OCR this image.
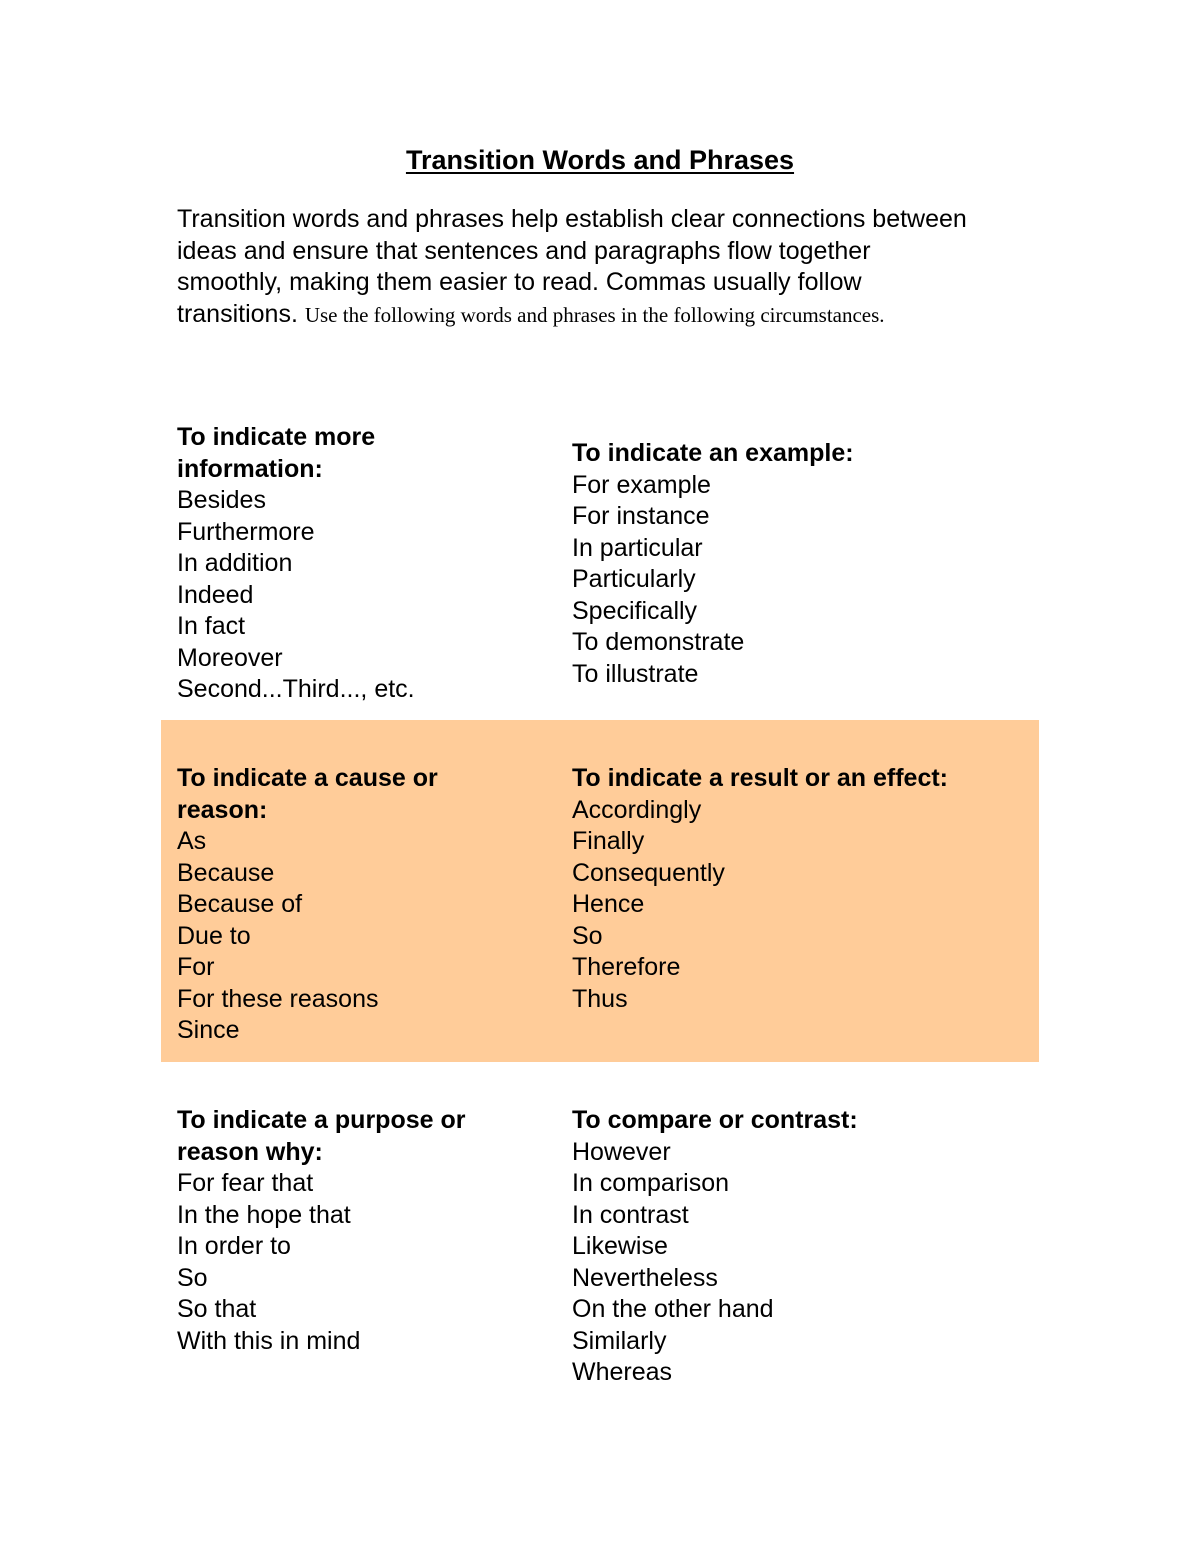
Transition Words and Phrases
Transition words and phrases help establish clear connections between ideas and ensure that sentences and paragraphs flow together smoothly, making them easier to read. Commas usually follow transitions. Use the following words and phrases in the following circumstances.
To indicate more information:
Besides
Furthermore
In addition
Indeed
In fact
Moreover
Second...Third..., etc.
To indicate an example:
For example
For instance
In particular
Particularly
Specifically
To demonstrate
To illustrate
To indicate a cause or reason:
As
Because
Because of
Due to
For
For these reasons
Since
To indicate a result or an effect:
Accordingly
Finally
Consequently
Hence
So
Therefore
Thus
To indicate a purpose or reason why:
For fear that
In the hope that
In order to
So
So that
With this in mind
To compare or contrast:
However
In comparison
In contrast
Likewise
Nevertheless
On the other hand
Similarly
Whereas
